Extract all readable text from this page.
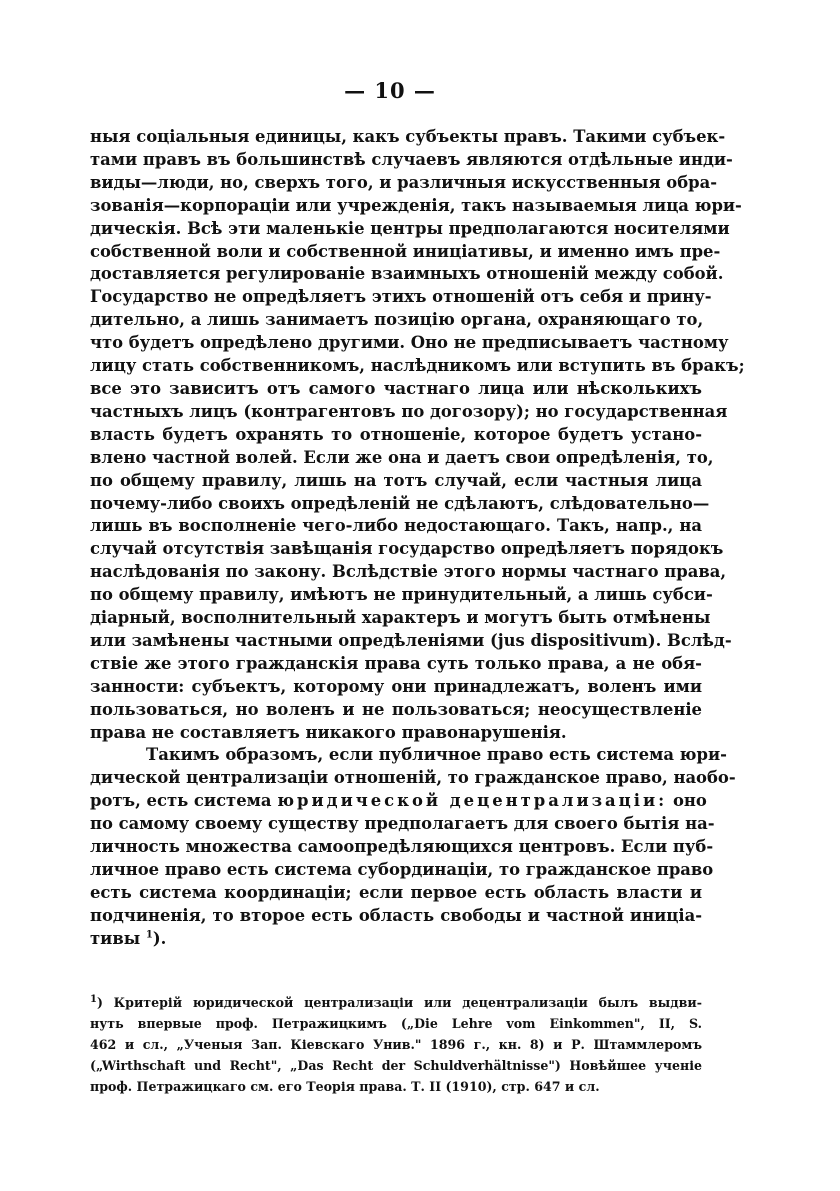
— 10 —

ныя соціальныя единицы, какъ субъекты правъ. Такими субъек-
тами правъ въ большинствѣ случаевъ являются отдѣльные инди-
виды—люди, но, сверхъ того, и различныя искусственныя обра-
зованія—корпораціи или учрежденія, такъ называемыя лица юри-
дическія. Всѣ эти маленькіе центры предполагаются носителями
собственной воли и собственной иниціативы, и именно имъ пре-
доставляется регулированіе взаимныхъ отношеній между собой.
Государство не опредѣляетъ этихъ отношеній отъ себя и прину-
дительно, а лишь занимаетъ позицію органа, охраняющаго то,
что будетъ опредѣлено другими. Оно не предписываетъ частному
лицу стать собственникомъ, наслѣдникомъ или вступить въ бракъ;
все это зависитъ отъ самого частнаго лица или нѣсколькихъ
частныхъ лицъ (контрагентовъ по догозору); но государственная
власть будетъ охранять то отношеніе, которое будетъ устано-
влено частной волей. Если же она и даетъ свои опредѣленія, то,
по общему правилу, лишь на тотъ случай, если частныя лица
почему-либо своихъ опредѣленій не сдѣлаютъ, слѣдовательно—
лишь въ восполненіе чего-либо недостающаго. Такъ, напр., на
случай отсутствія завѣщанія государство опредѣляетъ порядокъ
наслѣдованія по закону. Вслѣдствіе этого нормы частнаго права,
по общему правилу, имѣютъ не принудительный, а лишь субси-
діарный, восполнительный характеръ и могутъ быть отмѣнены
или замѣнены частными опредѣленіями (jus dispositivum). Вслѣд-
ствіе же этого гражданскія права суть только права, а не обя-
занности: субъектъ, которому они принадлежатъ, воленъ ими
пользоваться, но воленъ и не пользоваться; неосуществленіе
права не составляетъ никакого правонарушенія.

Такимъ образомъ, если публичное право есть система юри-
дической централизаціи отношеній, то гражданское право, наобо-
ротъ, есть система юридической децентрализаціи: оно
по самому своему существу предполагаетъ для своего бытія на-
личность множества самоопредѣляющихся центровъ. Если пуб-
личное право есть система субординаціи, то гражданское право
есть система координаціи; если первое есть область власти и
подчиненія, то второе есть область свободы и частной иниціа-
тивы $^1$).

$^1$) Критерій юридической централизаціи или децентрализаціи былъ выдви-
нуть впервые проф. Петражицкимъ („Die Lehre vom Einkommen", II, S.
462 и сл., „Ученыя Зап. Кіевскаго Унив." 1896 г., кн. 8) и Р. Штаммлеромъ
(„Wirthschaft und Recht", „Das Recht der Schuldverhältnisse") Новѣйшее ученіе
проф. Петражицкаго см. его Теорія права. Т. II (1910), стр. 647 и сл.
